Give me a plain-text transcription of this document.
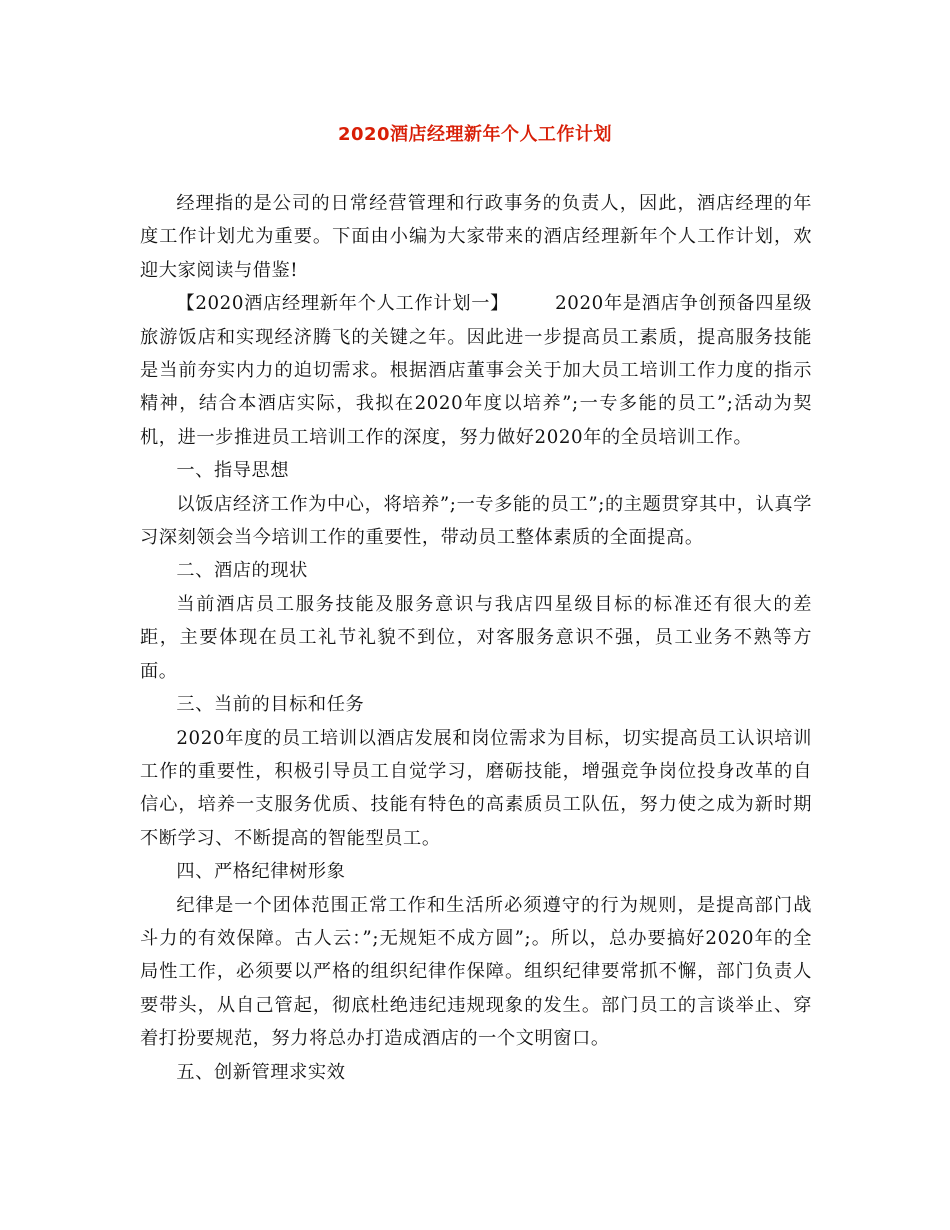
2020酒店经理新年个人工作计划

经理指的是公司的日常经营管理和行政事务的负责人，因此，酒店经理的年度工作计划尤为重要。下面由小编为大家带来的酒店经理新年个人工作计划，欢迎大家阅读与借鉴!

【2020酒店经理新年个人工作计划一】	2020年是酒店争创预备四星级旅游饭店和实现经济腾飞的关键之年。因此进一步提高员工素质，提高服务技能是当前夯实内力的迫切需求。根据酒店董事会关于加大员工培训工作力度的指示精神，结合本酒店实际，我拟在2020年度以培养”;一专多能的员工”;活动为契机，进一步推进员工培训工作的深度，努力做好2020年的全员培训工作。

一、指导思想

以饭店经济工作为中心，将培养”;一专多能的员工”;的主题贯穿其中，认真学习深刻领会当今培训工作的重要性，带动员工整体素质的全面提高。

二、酒店的现状

当前酒店员工服务技能及服务意识与我店四星级目标的标准还有很大的差距，主要体现在员工礼节礼貌不到位，对客服务意识不强，员工业务不熟等方面。

三、当前的目标和任务

2020年度的员工培训以酒店发展和岗位需求为目标，切实提高员工认识培训工作的重要性，积极引导员工自觉学习，磨砺技能，增强竞争岗位投身改革的自信心，培养一支服务优质、技能有特色的高素质员工队伍，努力使之成为新时期不断学习、不断提高的智能型员工。

四、严格纪律树形象

纪律是一个团体范围正常工作和生活所必须遵守的行为规则，是提高部门战斗力的有效保障。古人云：”;无规矩不成方圆”;。所以，总办要搞好2020年的全局性工作，必须要以严格的组织纪律作保障。组织纪律要常抓不懈，部门负责人要带头，从自己管起，彻底杜绝违纪违规现象的发生。部门员工的言谈举止、穿着打扮要规范，努力将总办打造成酒店的一个文明窗口。

五、创新管理求实效
